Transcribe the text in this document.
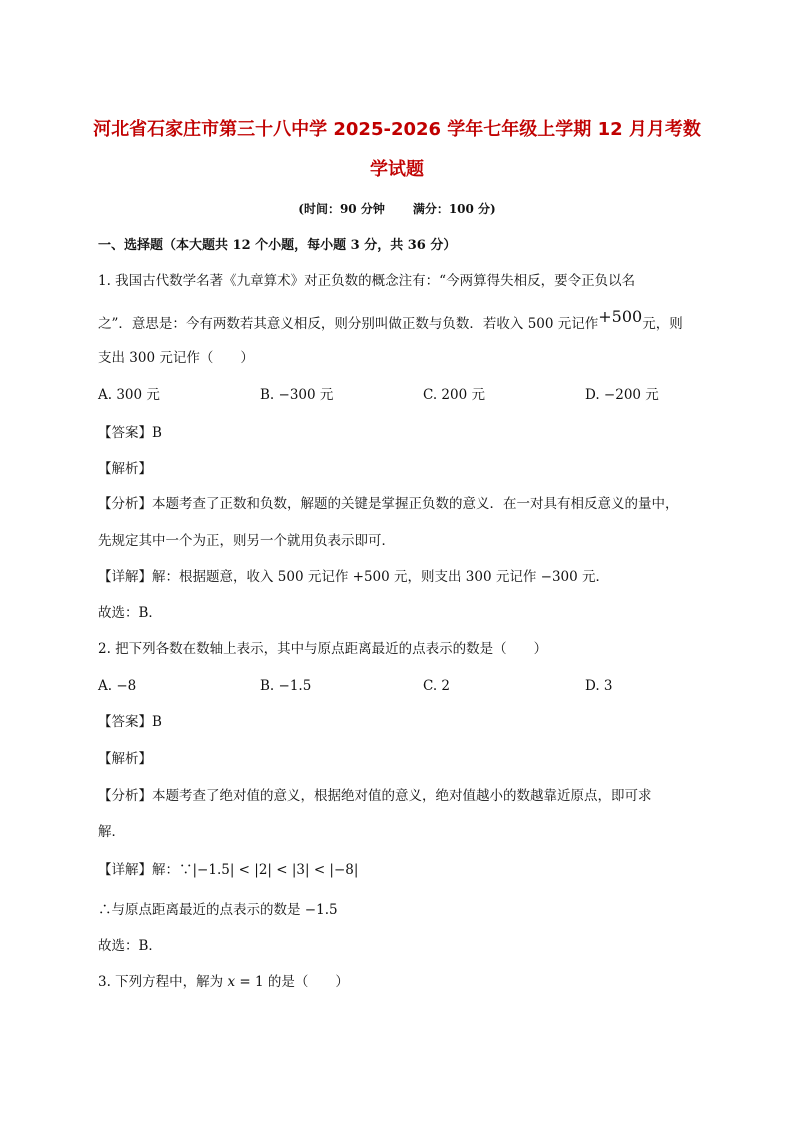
河北省石家庄市第三十八中学 2025-2026 学年七年级上学期 12 月月考数
学试题
(时间：90 分钟 满分：100 分)
一、选择题（本大题共 12 个小题，每小题 3 分，共 36 分）
1. 我国古代数学名著《九章算术》对正负数的概念注有：“今两算得失相反，要令正负以名
之”．意思是：今有两数若其意义相反，则分别叫做正数与负数．若收入 500 元记作+500元，则
支出 300 元记作（　　）
A. 300 元	B. −300 元	C. 200 元	D. −200 元
【答案】B
【解析】
【分析】本题考查了正数和负数，解题的关键是掌握正负数的意义．在一对具有相反意义的量中，
先规定其中一个为正，则另一个就用负表示即可．
【详解】解：根据题意，收入 500 元记作 +500 元，则支出 300 元记作 −300 元．
故选：B．
2. 把下列各数在数轴上表示，其中与原点距离最近的点表示的数是（　　）
A. −8	B. −1.5	C. 2	D. 3
【答案】B
【解析】
【分析】本题考查了绝对值的意义，根据绝对值的意义，绝对值越小的数越靠近原点，即可求
解．
【详解】解：∵|−1.5| < |2| < |3| < |−8|
∴与原点距离最近的点表示的数是 −1.5
故选：B．
3. 下列方程中，解为 x = 1 的是（　　）
